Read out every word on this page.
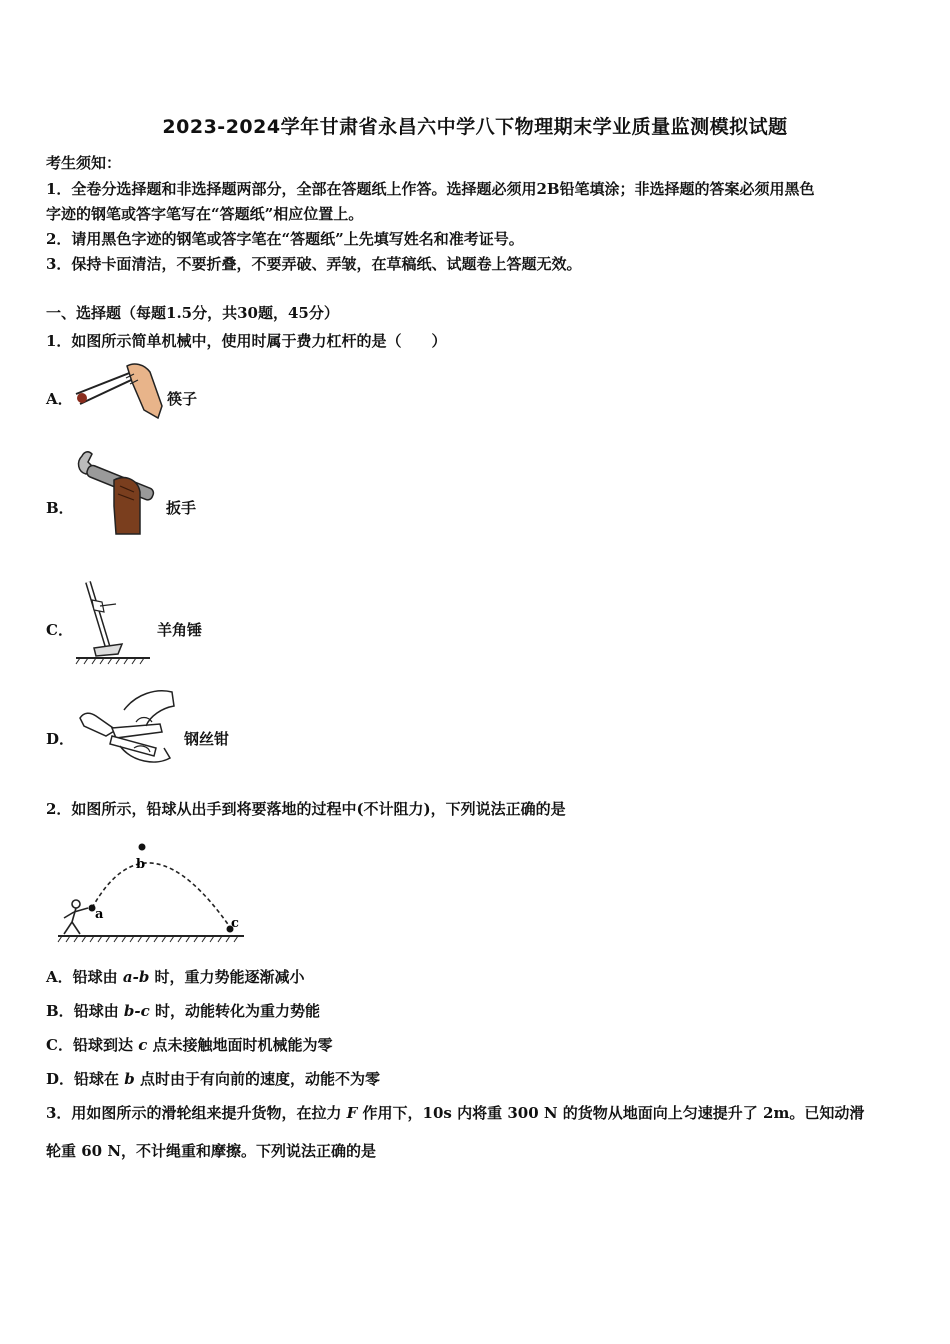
2023-2024学年甘肃省永昌六中学八下物理期末学业质量监测模拟试题
考生须知：
1．全卷分选择题和非选择题两部分，全部在答题纸上作答。选择题必须用2B铅笔填涂；非选择题的答案必须用黑色
字迹的钢笔或答字笔写在“答题纸”相应位置上。
2．请用黑色字迹的钢笔或答字笔在“答题纸”上先填写姓名和准考证号。
3．保持卡面清洁，不要折叠，不要弄破、弄皱，在草稿纸、试题卷上答题无效。
一、选择题（每题1.5分，共30题，45分）
1．如图所示简单机械中，使用时属于费力杠杆的是（　　）
A．	筷子
B．	扳手
C．	羊角锤
D．	钢丝钳
2．如图所示，铅球从出手到将要落地的过程中(不计阻力)，下列说法正确的是
a
b
c
A．铅球由 a-b 时，重力势能逐渐减小
B．铅球由 b-c 时，动能转化为重力势能
C．铅球到达 c 点未接触地面时机械能为零
D．铅球在 b 点时由于有向前的速度，动能不为零
3．用如图所示的滑轮组来提升货物，在拉力 F 作用下，10s 内将重 300 N 的货物从地面向上匀速提升了 2m。已知动滑
轮重 60 N，不计绳重和摩擦。下列说法正确的是
